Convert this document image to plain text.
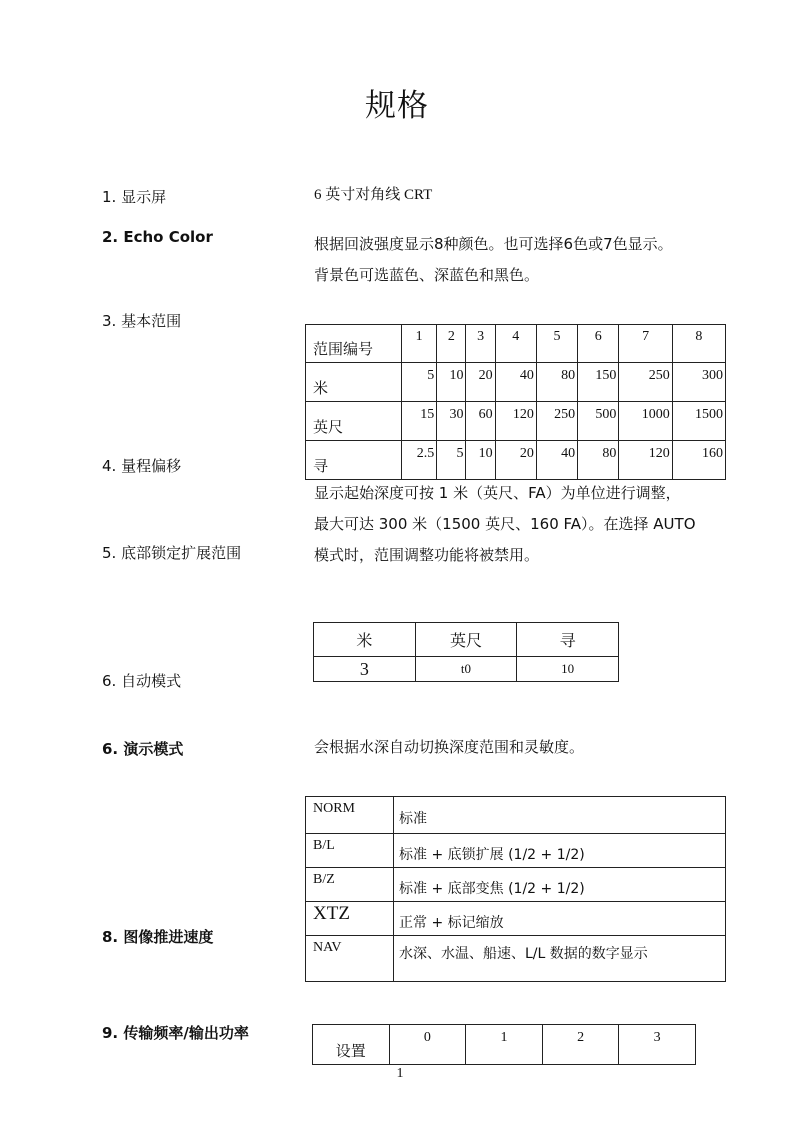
规格
1. 显示屏	6 英寸对角线 CRT
2. Echo Color	根据回波强度显示8种颜色。也可选择6色或7色显示。
背景色可选蓝色、深蓝色和黑色。
3. 基本范围
范围编号	1	2	3	4	5	6	7	8
米	5	10	20	40	80	150	250	300
英尺	15	30	60	120	250	500	1000	1500
寻	2.5	5	10	20	40	80	120	160
4. 量程偏移
显示起始深度可按 1 米（英尺、FA）为单位进行调整，
最大可达 300 米（1500 英尺、160 FA）。在选择 AUTO
模式时，范围调整功能将被禁用。
5. 底部锁定扩展范围
米	英尺	寻
3	t0	10
6. 自动模式
6. 演示模式	会根据水深自动切换深度范围和灵敏度。
NORM	标准
B/L	标准 + 底锁扩展 (1/2 + 1/2)
B/Z	标准 + 底部变焦 (1/2 + 1/2)
XTZ	正常 + 标记缩放
NAV	水深、水温、船速、L/L 数据的数字显示
8. 图像推进速度
9. 传输频率/输出功率
设置	0	1	2	3
1
